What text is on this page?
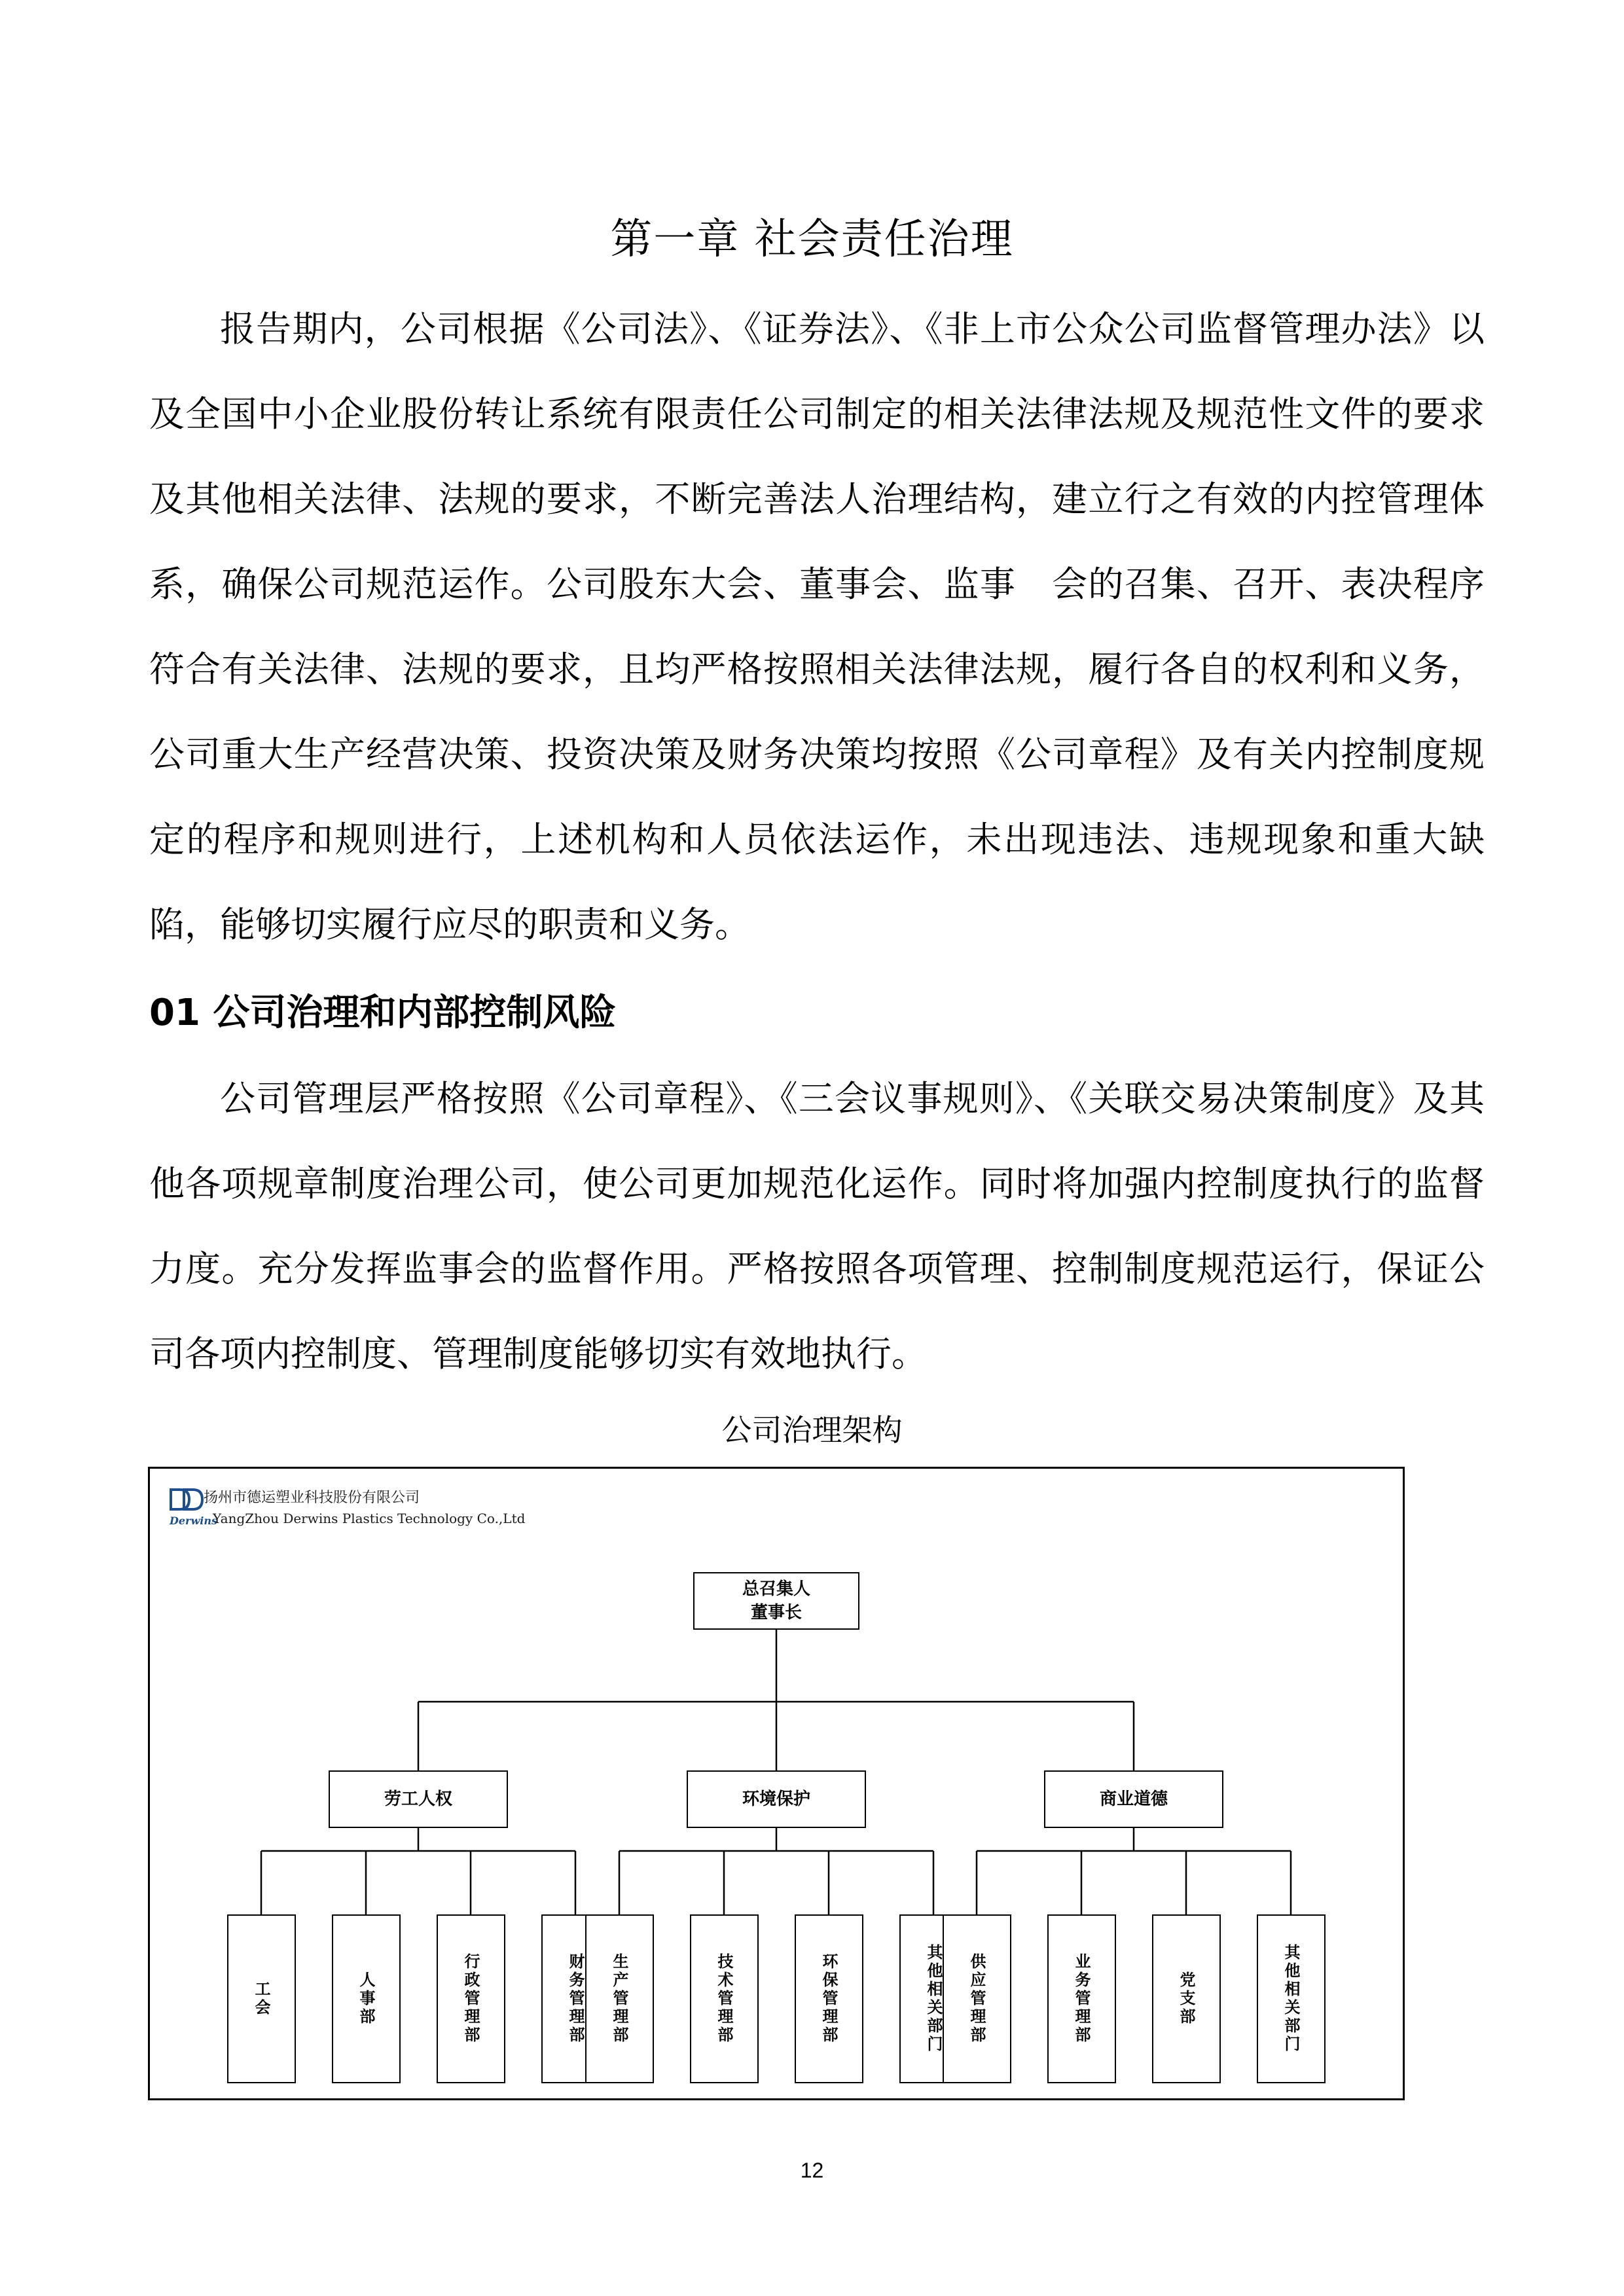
第一章 社会责任治理

报告期内，公司根据《公司法》、《证券法》、《非上市公众公司监督管理办法》以及全国中小企业股份转让系统有限责任公司制定的相关法律法规及规范性文件的要求及其他相关法律、法规的要求，不断完善法人治理结构，建立行之有效的内控管理体系，确保公司规范运作。公司股东大会、董事会、监事　会的召集、召开、表决程序符合有关法律、法规的要求，且均严格按照相关法律法规，履行各自的权利和义务，公司重大生产经营决策、投资决策及财务决策均按照《公司章程》及有关内控制度规定的程序和规则进行，上述机构和人员依法运作，未出现违法、违规现象和重大缺陷，能够切实履行应尽的职责和义务。

01 公司治理和内部控制风险

公司管理层严格按照《公司章程》、《三会议事规则》、《关联交易决策制度》及其他各项规章制度治理公司，使公司更加规范化运作。同时将加强内控制度执行的监督力度。充分发挥监事会的监督作用。严格按照各项管理、控制制度规范运行，保证公司各项内控制度、管理制度能够切实有效地执行。

公司治理架构
扬州市德运塑业科技股份有限公司
Derwins
YangZhou Derwins Plastics Technology Co.,Ltd
总召集人
董事长
劳工人权	环境保护	商业道德
工会	人事部	行政管理部	财务管理部 生产管理部	技术管理部	环保管理部	其他相关部门 供应管理部	业务管理部	党支部	其他相关部门
12
